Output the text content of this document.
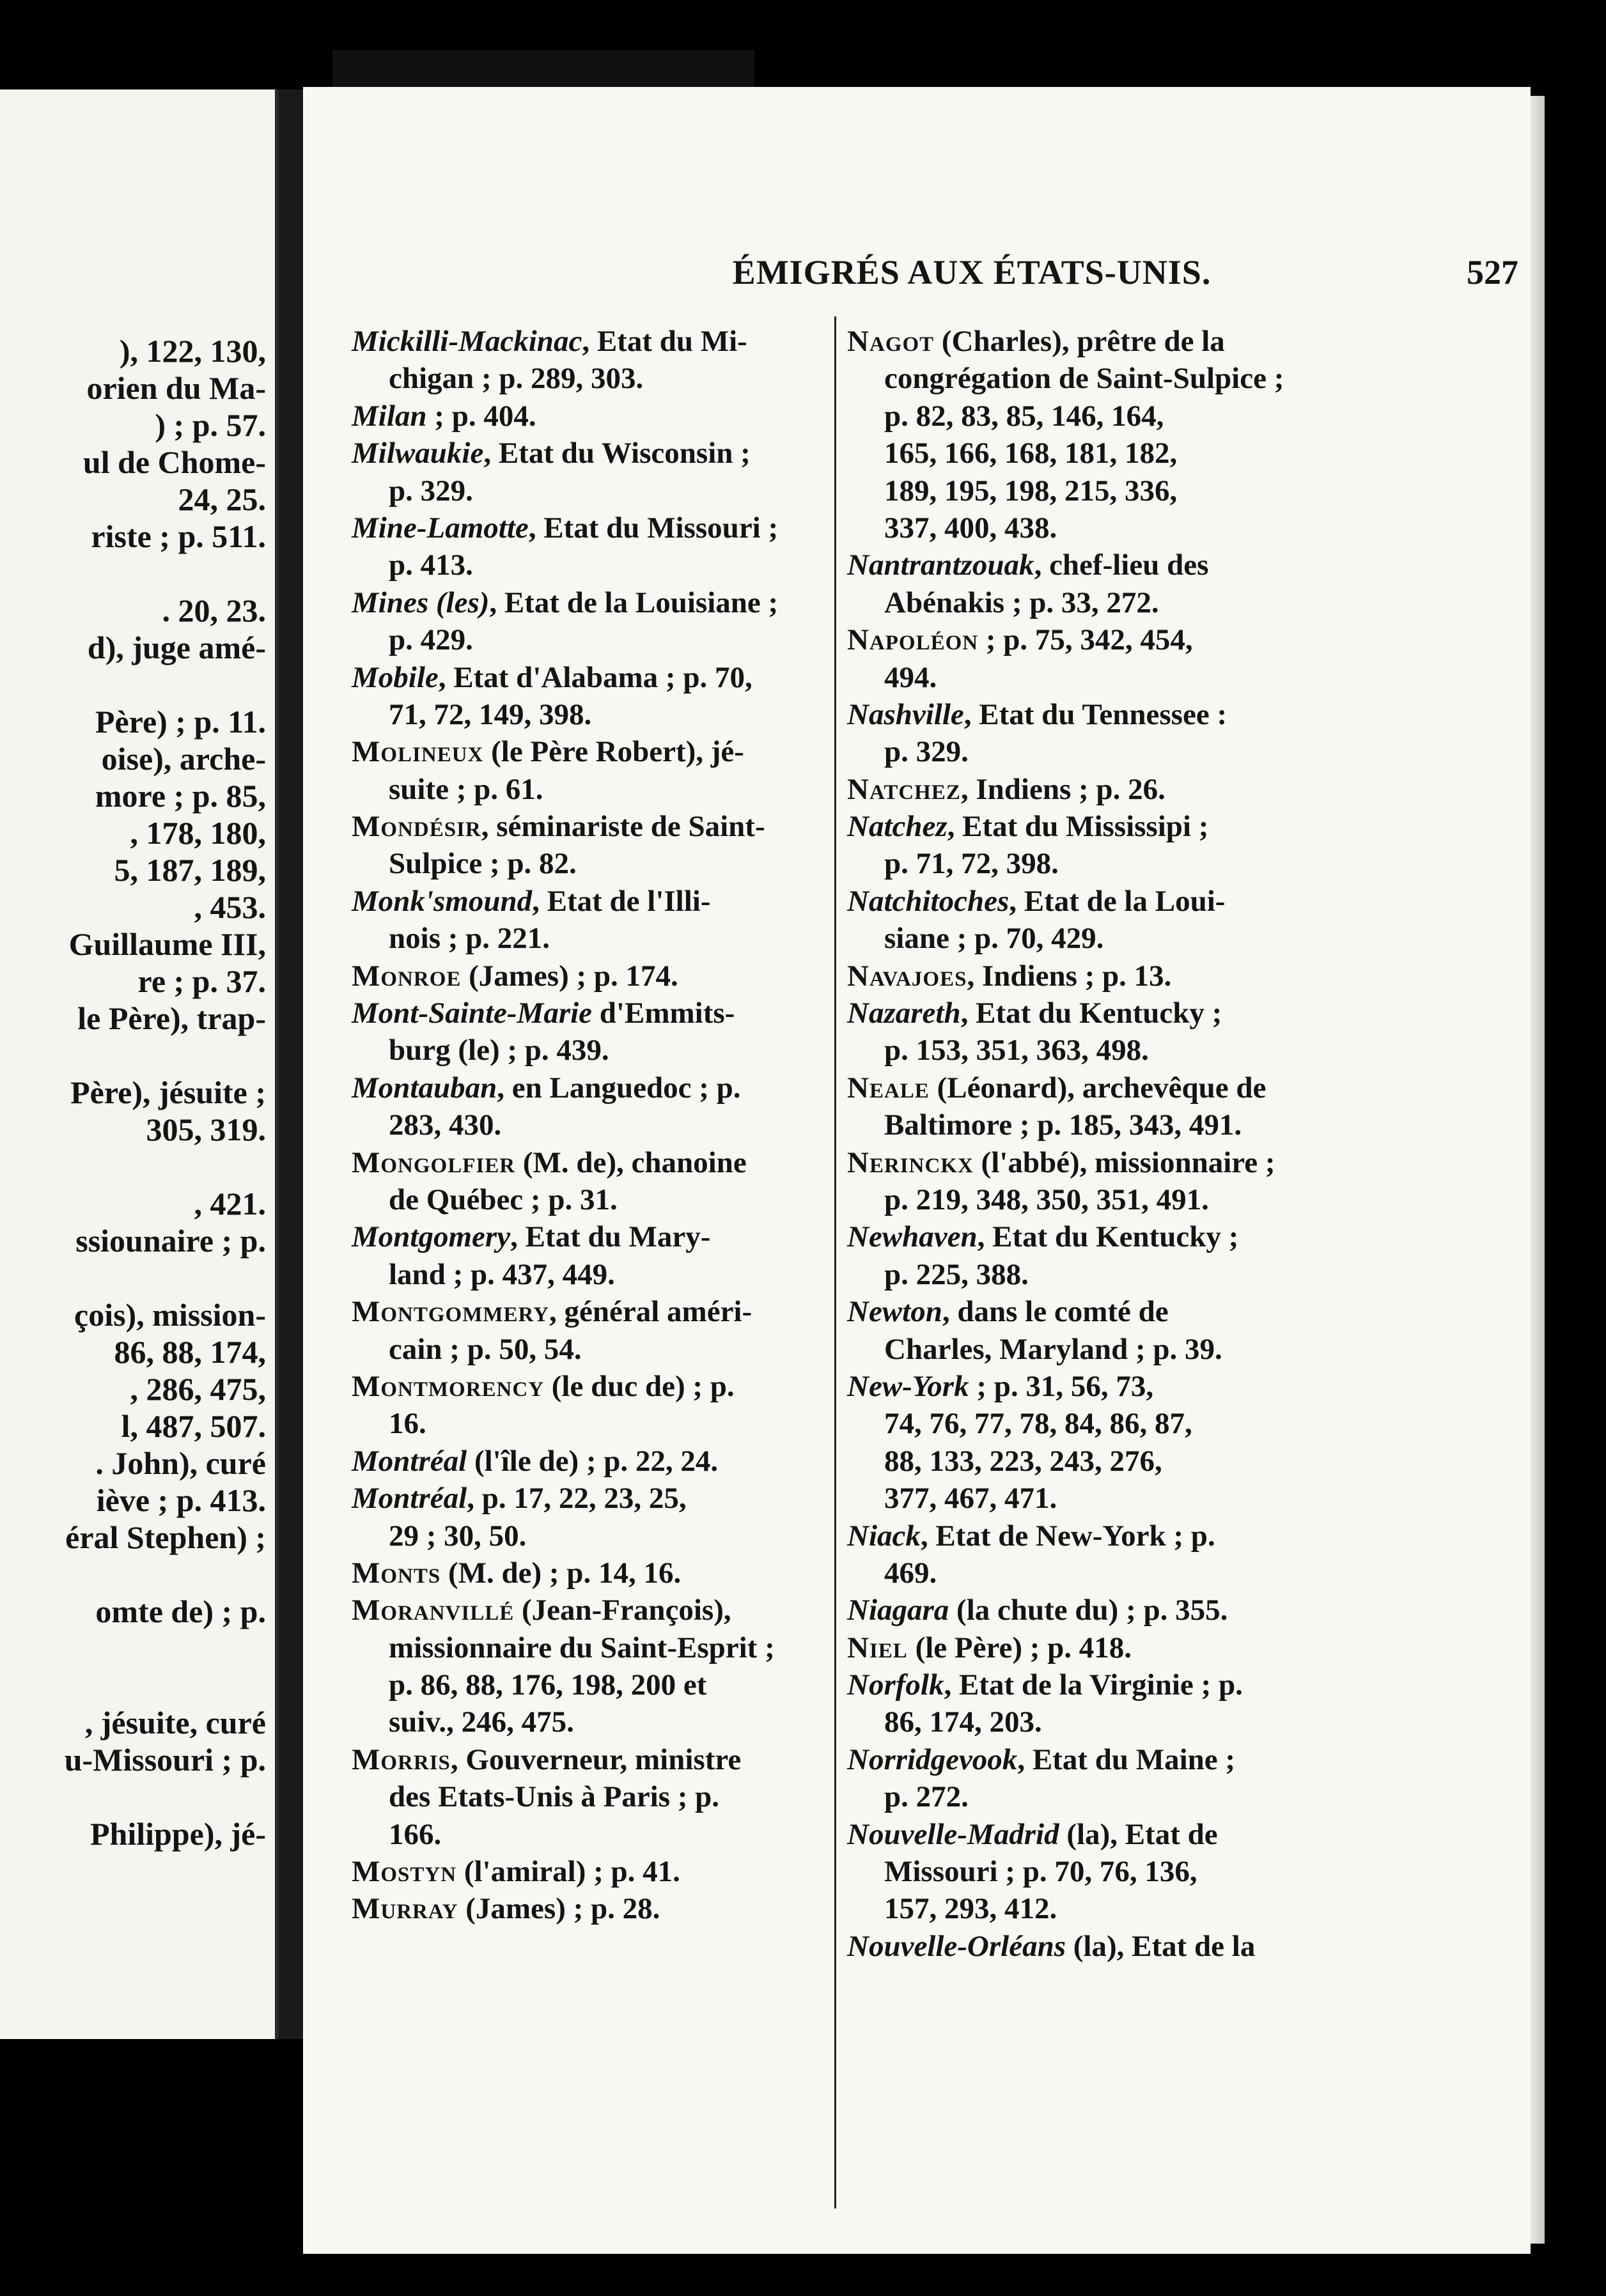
), 122, 130,
orien du Ma-
) ; p. 57.
ul de Chome-
24, 25.
riste ; p. 511.
. 20, 23.
d), juge amé-
Père) ; p. 11.
oise), arche-
more ; p. 85,
, 178, 180,
5, 187, 189,
, 453.
Guillaume III,
re ; p. 37.
le Père), trap-
Père), jésuite ;
305, 319.
, 421.
ssiounaire ; p.
çois), mission-
86, 88, 174,
, 286, 475,
l, 487, 507.
. John), curé
iève ; p. 413.
éral Stephen) ;
omte de) ; p.
, jésuite, curé
u-Missouri ; p.
Philippe), jé-
ÉMIGRÉS AUX ÉTATS-UNIS.	527
Mickilli-Mackinac, Etat du Mi-
chigan ; p. 289, 303.
Milan ; p. 404.
Milwaukie, Etat du Wisconsin ;
p. 329.
Mine-Lamotte, Etat du Missouri ;
p. 413.
Mines (les), Etat de la Louisiane ;
p. 429.
Mobile, Etat d'Alabama ; p. 70,
71, 72, 149, 398.
Molineux (le Père Robert), jé-
suite ; p. 61.
Mondésir, séminariste de Saint-
Sulpice ; p. 82.
Monk'smound, Etat de l'Illi-
nois ; p. 221.
Monroe (James) ; p. 174.
Mont-Sainte-Marie d'Emmits-
burg (le) ; p. 439.
Montauban, en Languedoc ; p.
283, 430.
Mongolfier (M. de), chanoine
de Québec ; p. 31.
Montgomery, Etat du Mary-
land ; p. 437, 449.
Montgommery, général améri-
cain ; p. 50, 54.
Montmorency (le duc de) ; p.
16.
Montréal (l'île de) ; p. 22, 24.
Montréal, p. 17, 22, 23, 25,
29 ; 30, 50.
Monts (M. de) ; p. 14, 16.
Moranvillé (Jean-François),
missionnaire du Saint-Esprit ;
p. 86, 88, 176, 198, 200 et
suiv., 246, 475.
Morris, Gouverneur, ministre
des Etats-Unis à Paris ; p.
166.
Mostyn (l'amiral) ; p. 41.
Murray (James) ; p. 28.
Nagot (Charles), prêtre de la
congrégation de Saint-Sulpice ;
p. 82, 83, 85, 146, 164,
165, 166, 168, 181, 182,
189, 195, 198, 215, 336,
337, 400, 438.
Nantrantzouak, chef-lieu des
Abénakis ; p. 33, 272.
Napoléon ; p. 75, 342, 454,
494.
Nashville, Etat du Tennessee :
p. 329.
Natchez, Indiens ; p. 26.
Natchez, Etat du Mississipi ;
p. 71, 72, 398.
Natchitoches, Etat de la Loui-
siane ; p. 70, 429.
Navajoes, Indiens ; p. 13.
Nazareth, Etat du Kentucky ;
p. 153, 351, 363, 498.
Neale (Léonard), archevêque de
Baltimore ; p. 185, 343, 491.
Nerinckx (l'abbé), missionnaire ;
p. 219, 348, 350, 351, 491.
Newhaven, Etat du Kentucky ;
p. 225, 388.
Newton, dans le comté de
Charles, Maryland ; p. 39.
New-York ; p. 31, 56, 73,
74, 76, 77, 78, 84, 86, 87,
88, 133, 223, 243, 276,
377, 467, 471.
Niack, Etat de New-York ; p.
469.
Niagara (la chute du) ; p. 355.
Niel (le Père) ; p. 418.
Norfolk, Etat de la Virginie ; p.
86, 174, 203.
Norridgevook, Etat du Maine ;
p. 272.
Nouvelle-Madrid (la), Etat de
Missouri ; p. 70, 76, 136,
157, 293, 412.
Nouvelle-Orléans (la), Etat de la
